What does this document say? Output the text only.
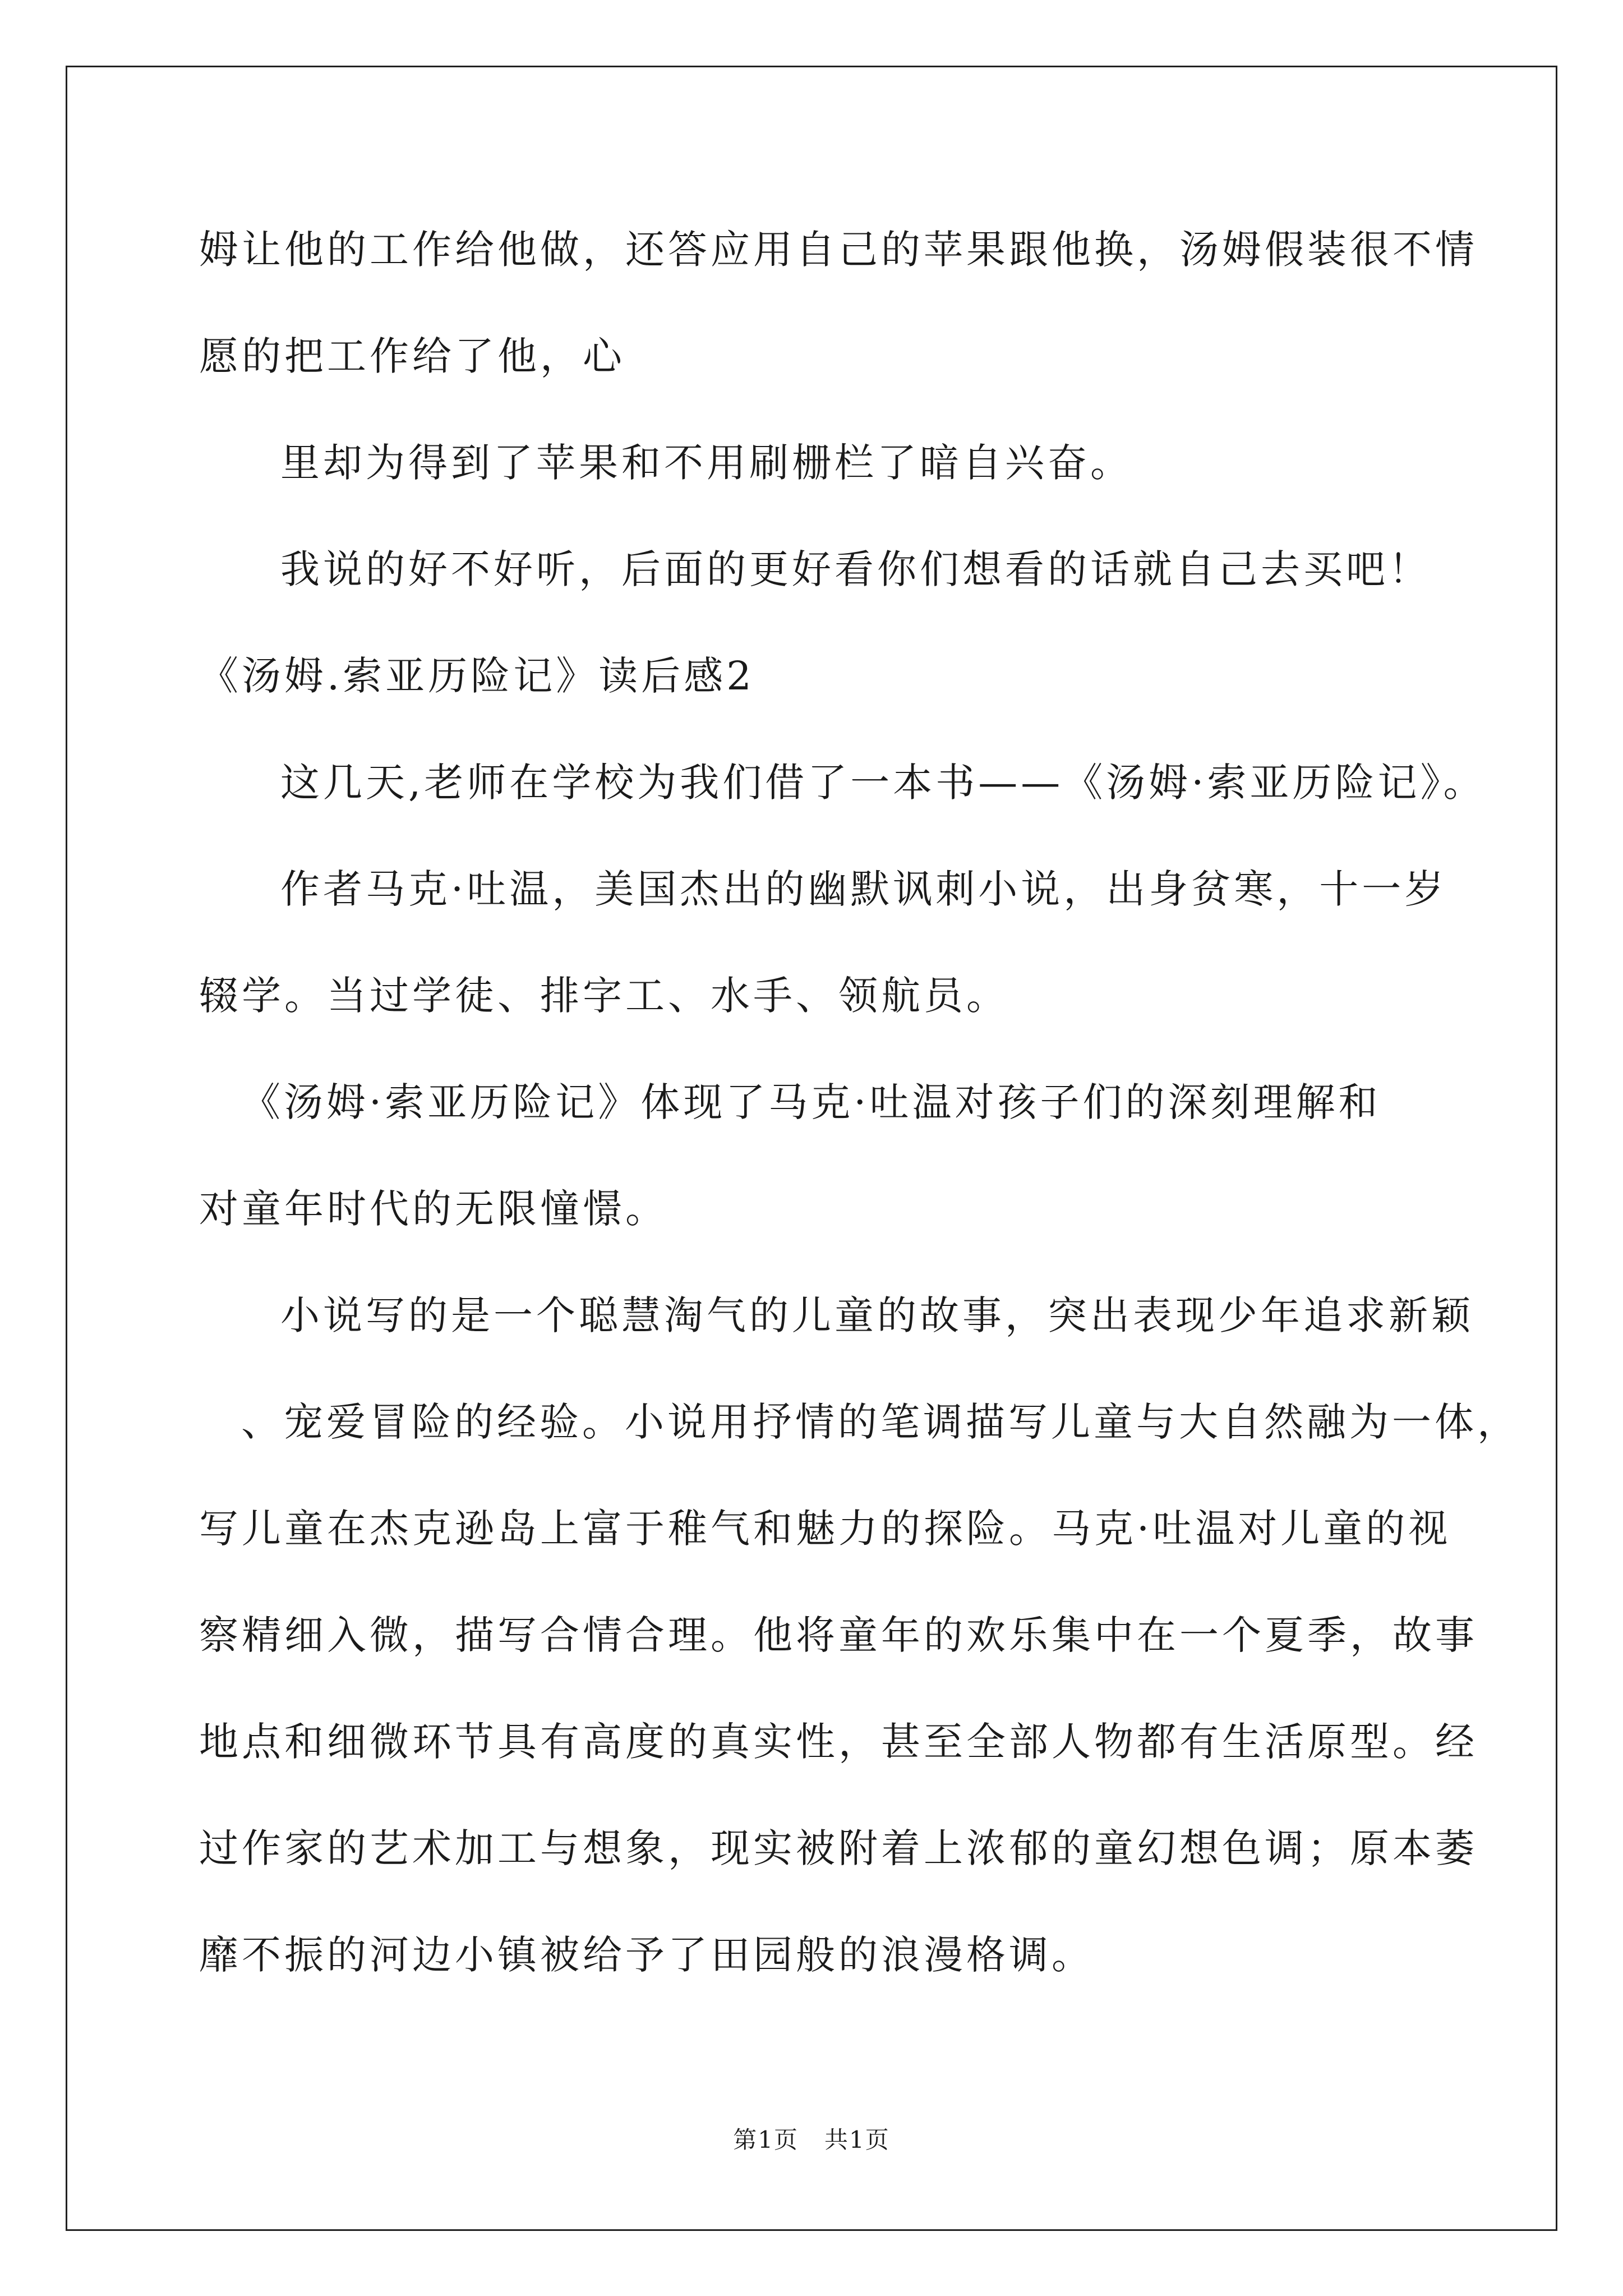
姆让他的工作给他做，还答应用自己的苹果跟他换，汤姆假装很不情
愿的把工作给了他，心
里却为得到了苹果和不用刷栅栏了暗自兴奋。
我说的好不好听，后面的更好看你们想看的话就自己去买吧！
《汤姆.索亚历险记》读后感2
这几天,老师在学校为我们借了一本书——《汤姆·索亚历险记》。
作者马克·吐温，美国杰出的幽默讽刺小说，出身贫寒，十一岁
辍学。当过学徒、排字工、水手、领航员。
《汤姆·索亚历险记》体现了马克·吐温对孩子们的深刻理解和
对童年时代的无限憧憬。
小说写的是一个聪慧淘气的儿童的故事，突出表现少年追求新颖
、宠爱冒险的经验。小说用抒情的笔调描写儿童与大自然融为一体，
写儿童在杰克逊岛上富于稚气和魅力的探险。马克·吐温对儿童的视
察精细入微，描写合情合理。他将童年的欢乐集中在一个夏季，故事
地点和细微环节具有高度的真实性，甚至全部人物都有生活原型。经
过作家的艺术加工与想象，现实被附着上浓郁的童幻想色调；原本萎
靡不振的河边小镇被给予了田园般的浪漫格调。
第1页   共1页
